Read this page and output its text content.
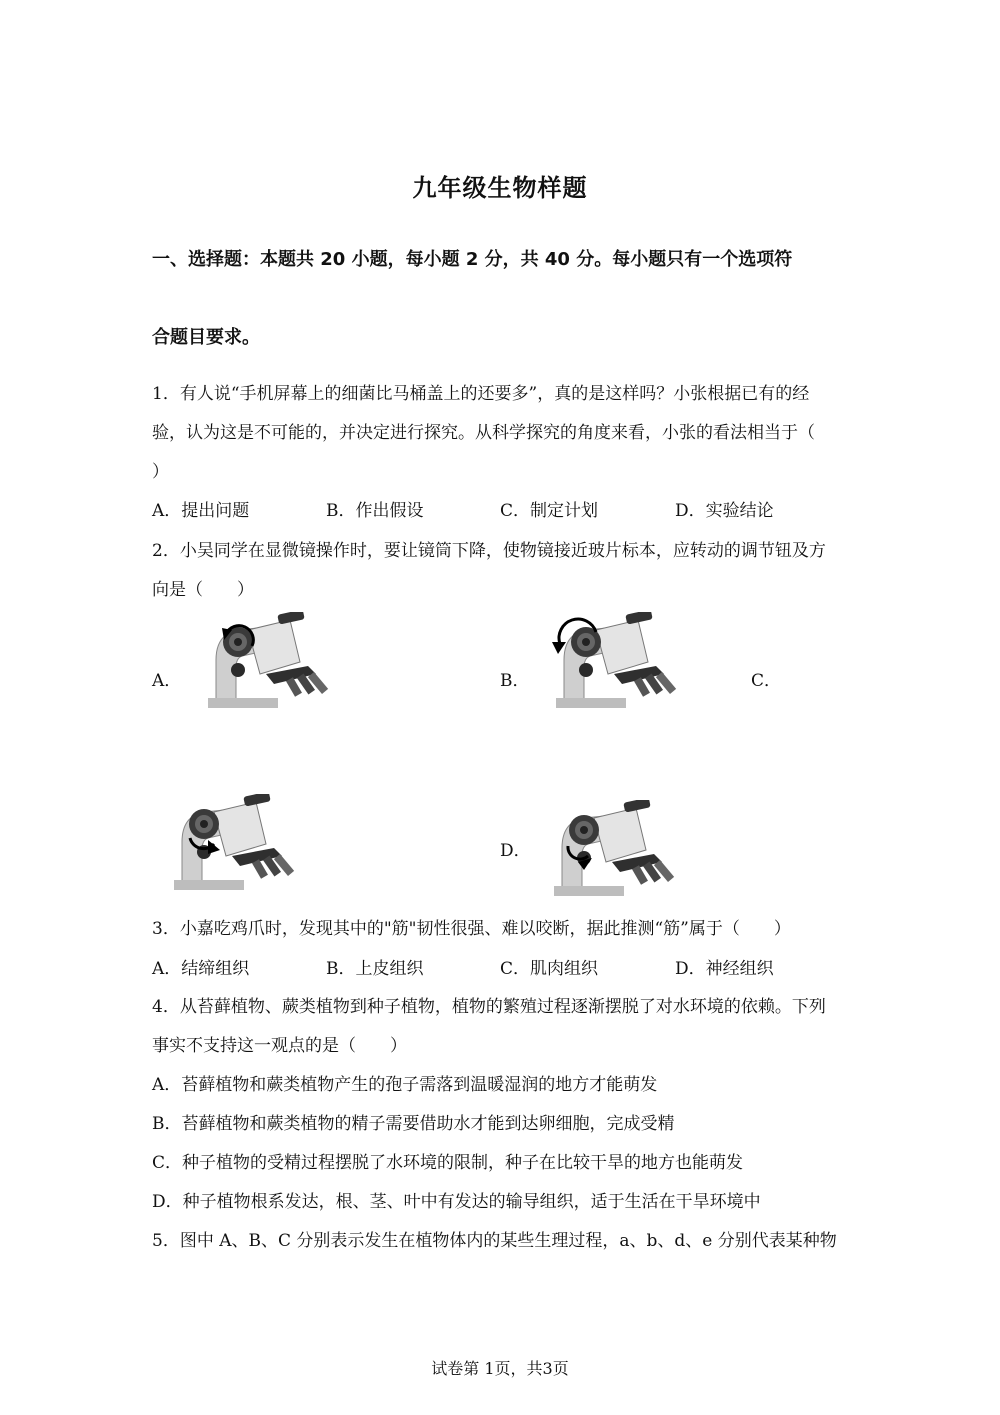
九年级生物样题
一、选择题：本题共 20 小题，每小题 2 分，共 40 分。每小题只有一个选项符
合题目要求。
1．有人说“手机屏幕上的细菌比马桶盖上的还要多”，真的是这样吗？小张根据已有的经
验，认为这是不可能的，并决定进行探究。从科学探究的角度来看，小张的看法相当于（
）
A．提出问题	B．作出假设	C．制定计划	D．实验结论
2．小吴同学在显微镜操作时，要让镜筒下降，使物镜接近玻片标本，应转动的调节钮及方
向是（　　）
A．	B．	C．
D．
3．小嘉吃鸡爪时，发现其中的"筋"韧性很强、难以咬断，据此推测“筋”属于（　　）
A．结缔组织	B．上皮组织	C．肌肉组织	D．神经组织
4．从苔藓植物、蕨类植物到种子植物，植物的繁殖过程逐渐摆脱了对水环境的依赖。下列
事实不支持这一观点的是（　　）
A．苔藓植物和蕨类植物产生的孢子需落到温暖湿润的地方才能萌发
B．苔藓植物和蕨类植物的精子需要借助水才能到达卵细胞，完成受精
C．种子植物的受精过程摆脱了水环境的限制，种子在比较干旱的地方也能萌发
D．种子植物根系发达，根、茎、叶中有发达的输导组织，适于生活在干旱环境中
5．图中 A、B、C 分别表示发生在植物体内的某些生理过程，a、b、d、e 分别代表某种物
试卷第 1页，共3页
